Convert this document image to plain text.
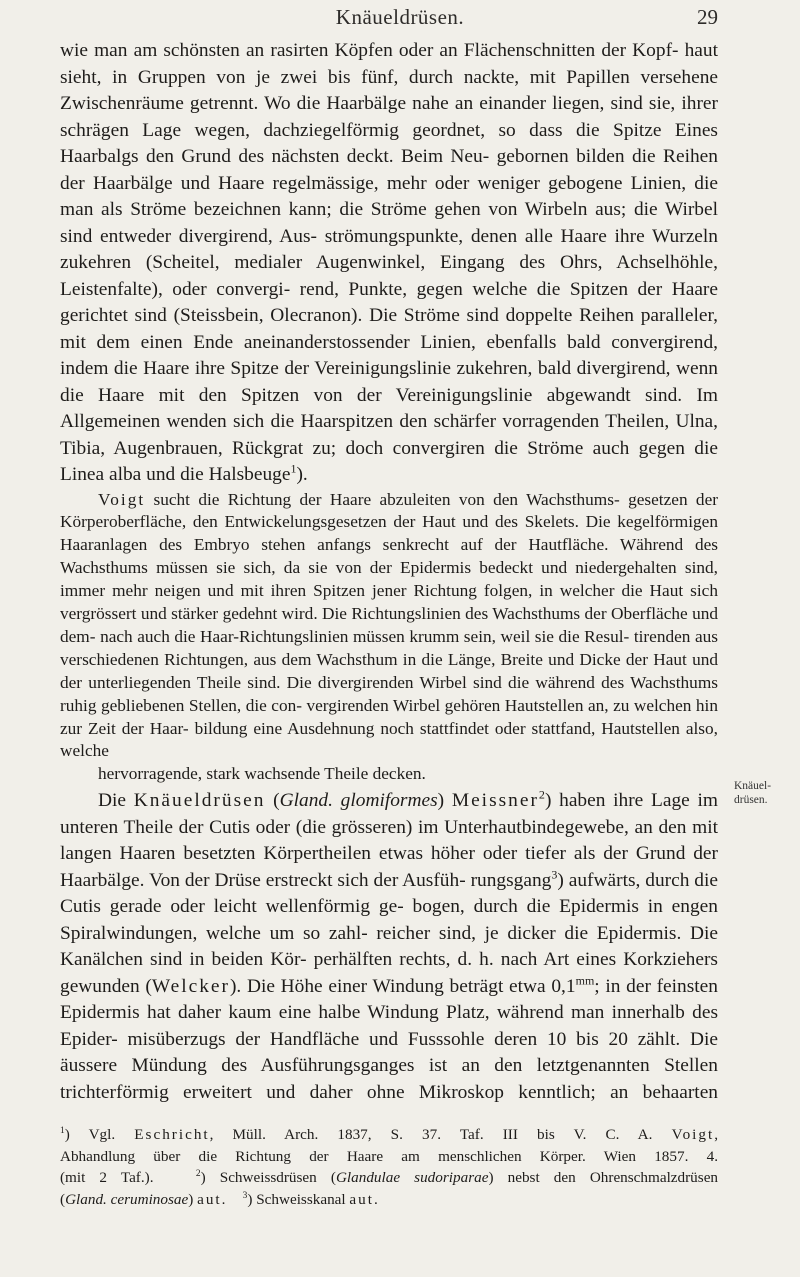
Knäueldrüsen.	29

wie man am schönsten an rasirten Köpfen oder an Flächenschnitten der Kopf- haut sieht, in Gruppen von je zwei bis fünf, durch nackte, mit Papillen versehene Zwischenräume getrennt. Wo die Haarbälge nahe an einander liegen, sind sie, ihrer schrägen Lage wegen, dachziegelförmig geordnet, so dass die Spitze Eines Haarbalgs den Grund des nächsten deckt. Beim Neu- gebornen bilden die Reihen der Haarbälge und Haare regelmässige, mehr oder weniger gebogene Linien, die man als Ströme bezeichnen kann; die Ströme gehen von Wirbeln aus; die Wirbel sind entweder divergirend, Aus- strömungspunkte, denen alle Haare ihre Wurzeln zukehren (Scheitel, medialer Augenwinkel, Eingang des Ohrs, Achselhöhle, Leistenfalte), oder convergi- rend, Punkte, gegen welche die Spitzen der Haare gerichtet sind (Steissbein, Olecranon). Die Ströme sind doppelte Reihen paralleler, mit dem einen Ende aneinanderstossender Linien, ebenfalls bald convergirend, indem die Haare ihre Spitze der Vereinigungslinie zukehren, bald divergirend, wenn die Haare mit den Spitzen von der Vereinigungslinie abgewandt sind. Im Allgemeinen wenden sich die Haarspitzen den schärfer vorragenden Theilen, Ulna, Tibia, Augenbrauen, Rückgrat zu; doch convergiren die Ströme auch gegen die
Linea alba und die Halsbeuge$^1$).

Voigt sucht die Richtung der Haare abzuleiten von den Wachsthums- gesetzen der Körperoberfläche, den Entwickelungsgesetzen der Haut und des Skelets. Die kegelförmigen Haaranlagen des Embryo stehen anfangs senkrecht auf der Hautfläche. Während des Wachsthums müssen sie sich, da sie von der Epidermis bedeckt und niedergehalten sind, immer mehr neigen und mit ihren Spitzen jener Richtung folgen, in welcher die Haut sich vergrössert und stärker gedehnt wird. Die Richtungslinien des Wachsthums der Oberfläche und dem- nach auch die Haar-Richtungslinien müssen krumm sein, weil sie die Resul- tirenden aus verschiedenen Richtungen, aus dem Wachsthum in die Länge, Breite und Dicke der Haut und der unterliegenden Theile sind. Die divergirenden Wirbel sind die während des Wachsthums ruhig gebliebenen Stellen, die con- vergirenden Wirbel gehören Hautstellen an, zu welchen hin zur Zeit der Haar- bildung eine Ausdehnung noch stattfindet oder stattfand, Hautstellen also, welche
hervorragende, stark wachsende Theile decken.

Die Knäueldrüsen (Gland. glomiformes) Meissner$^2$) haben ihre Lage im unteren Theile der Cutis oder (die grösseren) im Unterhautbindegewebe, an den mit langen Haaren besetzten Körpertheilen etwas höher oder tiefer als der Grund der Haarbälge. Von der Drüse erstreckt sich der Ausfüh- rungsgang$^3$) aufwärts, durch die Cutis gerade oder leicht wellenförmig ge- bogen, durch die Epidermis in engen Spiralwindungen, welche um so zahl- reicher sind, je dicker die Epidermis. Die Kanälchen sind in beiden Kör- perhälften rechts, d. h. nach Art eines Korkziehers gewunden (Welcker). Die Höhe einer Windung beträgt etwa $0,1^{mm}$; in der feinsten Epidermis hat daher kaum eine halbe Windung Platz, während man innerhalb des Epider- misüberzugs der Handfläche und Fusssohle deren 10 bis 20 zählt. Die äussere Mündung des Ausführungsganges ist an den letztgenannten Stellen trichterförmig erweitert und daher ohne Mikroskop kenntlich; an behaarten

Knäuel-
drüsen.

$^1$) Vgl. Eschricht, Müll. Arch. 1837, S. 37. Taf. III bis V. C. A. Voigt,
Abhandlung über die Richtung der Haare am menschlichen Körper. Wien 1857. 4.
(mit 2 Taf.).	$^2$) Schweissdrüsen (Glandulae sudoriparae) nebst den Ohrenschmalzdrüsen
(Gland. ceruminosae) aut. $^3$) Schweisskanal aut.
